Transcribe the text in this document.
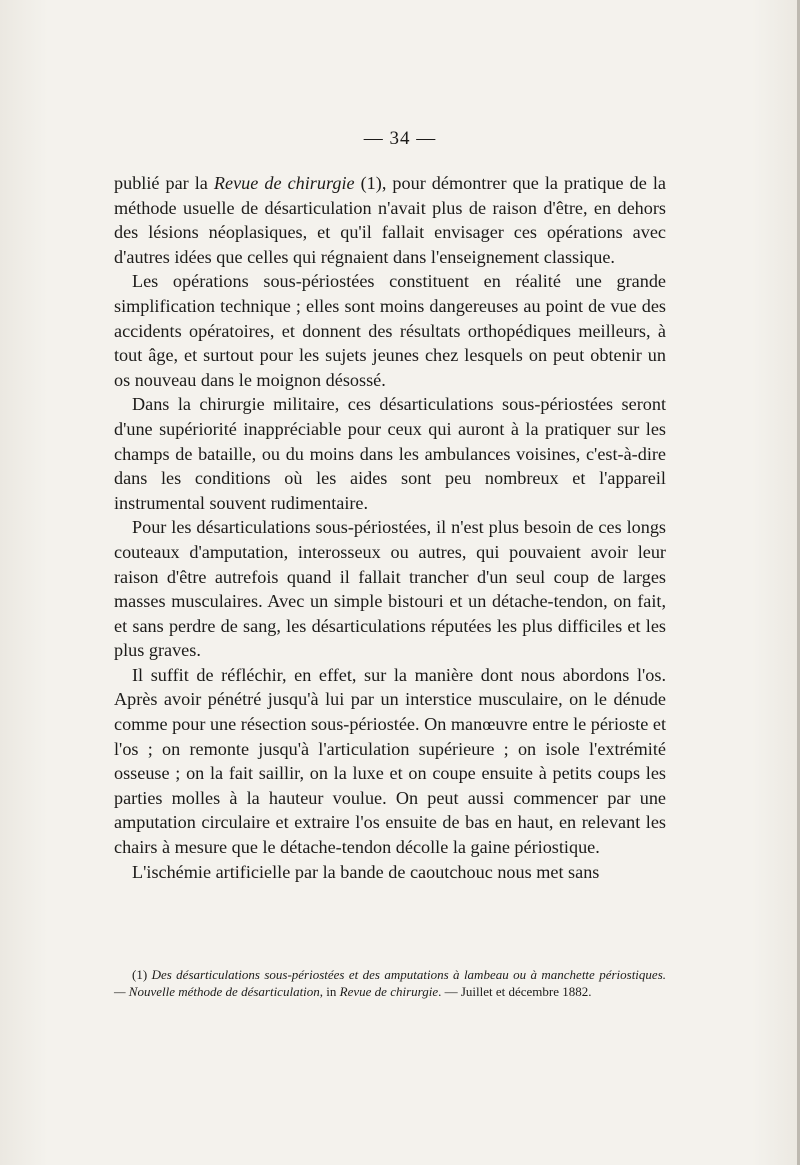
— 34 —

publié par la Revue de chirurgie (1), pour démontrer que la pratique de la méthode usuelle de désarticulation n'avait plus de raison d'être, en dehors des lésions néoplasiques, et qu'il fallait envisager ces opérations avec d'autres idées que celles qui régnaient dans l'enseignement classique.

Les opérations sous-périostées constituent en réalité une grande simplification technique ; elles sont moins dangereuses au point de vue des accidents opératoires, et donnent des résultats orthopédiques meilleurs, à tout âge, et surtout pour les sujets jeunes chez lesquels on peut obtenir un os nouveau dans le moignon désossé.

Dans la chirurgie militaire, ces désarticulations sous-périostées seront d'une supériorité inappréciable pour ceux qui auront à la pratiquer sur les champs de bataille, ou du moins dans les ambulances voisines, c'est-à-dire dans les conditions où les aides sont peu nombreux et l'appareil instrumental souvent rudimentaire.

Pour les désarticulations sous-périostées, il n'est plus besoin de ces longs couteaux d'amputation, interosseux ou autres, qui pouvaient avoir leur raison d'être autrefois quand il fallait trancher d'un seul coup de larges masses musculaires. Avec un simple bistouri et un détache-tendon, on fait, et sans perdre de sang, les désarticulations réputées les plus difficiles et les plus graves.

Il suffit de réfléchir, en effet, sur la manière dont nous abordons l'os. Après avoir pénétré jusqu'à lui par un interstice musculaire, on le dénude comme pour une résection sous-périostée. On manœuvre entre le périoste et l'os ; on remonte jusqu'à l'articulation supérieure ; on isole l'extrémité osseuse ; on la fait saillir, on la luxe et on coupe ensuite à petits coups les parties molles à la hauteur voulue. On peut aussi commencer par une amputation circulaire et extraire l'os ensuite de bas en haut, en relevant les chairs à mesure que le détache-tendon décolle la gaine périostique.

L'ischémie artificielle par la bande de caoutchouc nous met sans

(1) Des désarticulations sous-périostées et des amputations à lambeau ou à manchette périostiques. — Nouvelle méthode de désarticulation, in Revue de chirurgie. — Juillet et décembre 1882.
